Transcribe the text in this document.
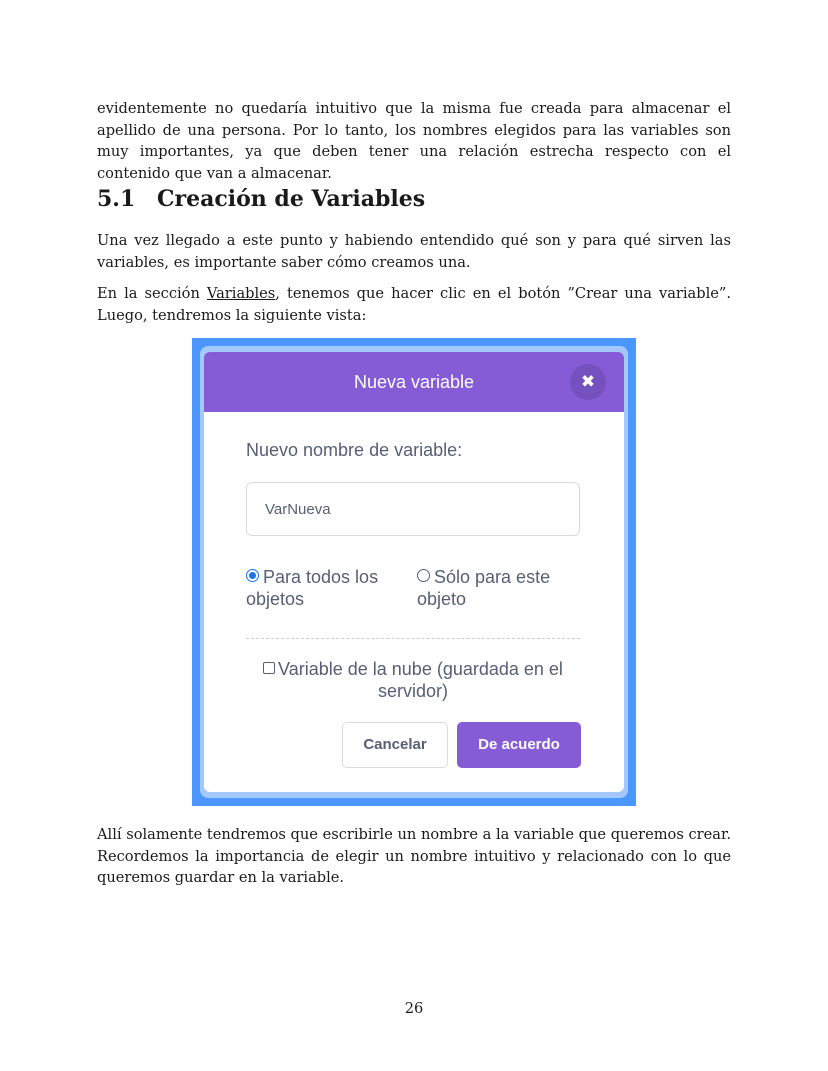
evidentemente no quedaría intuitivo que la misma fue creada para almacenar el apellido de una persona. Por lo tanto, los nombres elegidos para las variables son muy importantes, ya que deben tener una relación estrecha respecto con el contenido que van a almacenar.

5.1 Creación de Variables

Una vez llegado a este punto y habiendo entendido qué son y para qué sirven las variables, es importante saber cómo creamos una.

En la sección Variables, tenemos que hacer clic en el botón ”Crear una variable”. Luego, tendremos la siguiente vista:

Nueva variable	✖
Nuevo nombre de variable:
VarNueva
Para todos los objetos
Sólo para este objeto
Variable de la nube (guardada en el servidor)
Cancelar	De acuerdo

Allí solamente tendremos que escribirle un nombre a la variable que queremos crear. Recordemos la importancia de elegir un nombre intuitivo y relacionado con lo que queremos guardar en la variable.

26
